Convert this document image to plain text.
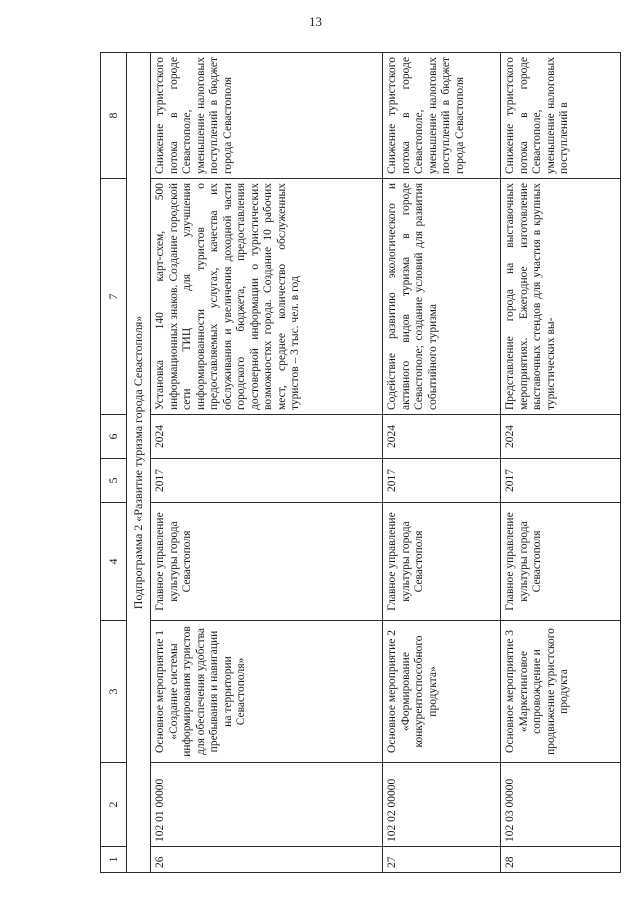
13
1	2	3	4	5	6	7	8
Подпрограмма 2 «Развитие туризма города Севастополя»							
26	102 01 00000	Основное мероприятие 1 «Создание системы информирования туристов для обеспечения удобства пребывания и навигации на территории Севастополя»	Главное управление культуры города Севастополя	2017	2024	Установка 140 карт-схем, 500 информационных знаков. Создание городской сети ТИЦ для улучшения информированности туристов о предоставляемых услугах, качества их обслуживания и увеличения доходной части городского бюджета, предоставления достоверной информации о туристических возможностях города. Создание 10 рабочих мест, среднее количество обслуженных туристов – 3 тыс. чел. в год	Снижение туристского потока в городе Севастополе, уменьшение налоговых поступлений в бюджет города Севастополя
27	102 02 00000	Основное мероприятие 2 «Формирование конкурентоспособного продукта»	Главное управление культуры города Севастополя	2017	2024	Содействие развитию экологического и активного видов туризма в городе Севастополе; создание условий для развития событийного туризма	Снижение туристского потока в городе Севастополе, уменьшение налоговых поступлений в бюджет города Севастополя
28	102 03 00000	Основное мероприятие 3 «Маркетинговое сопровождение и продвижение туристского продукта	Главное управление культуры города Севастополя	2017	2024	Представление города на выставочных мероприятиях. Ежегодное изготовление выставочных стендов для участия в крупных туристических вы-	Снижение туристского потока в городе Севастополе, уменьшение налоговых поступлений в
